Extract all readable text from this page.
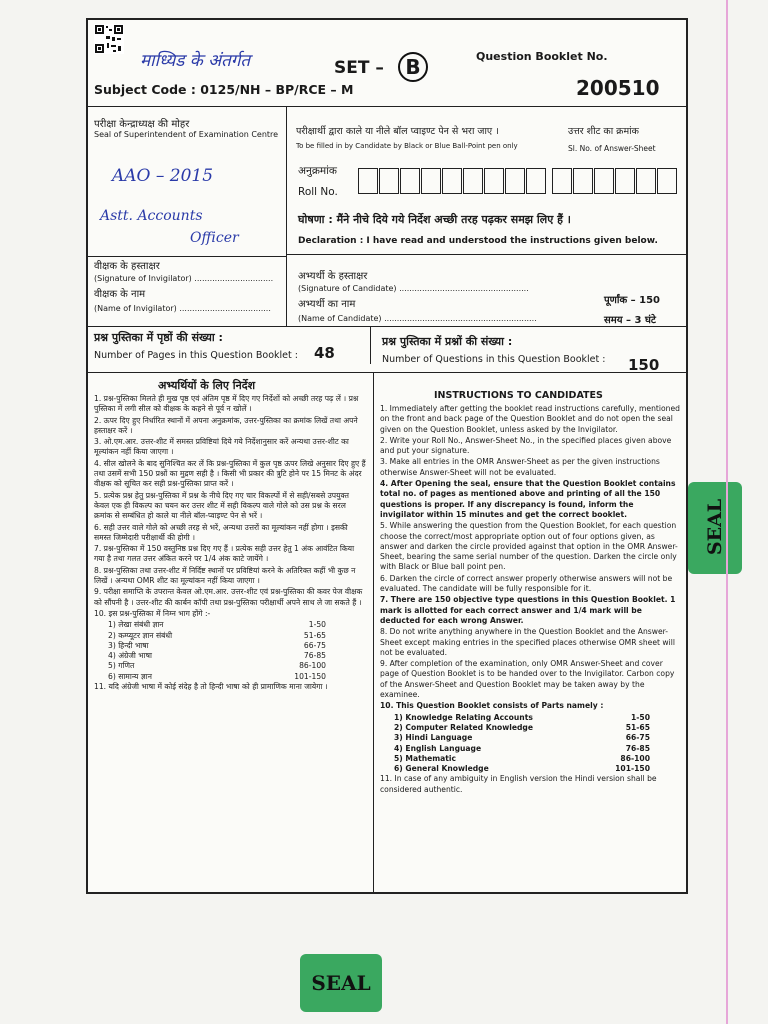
माध्यिड के अंतर्गत	SET –	B	Question Booklet No.
200510
Subject Code : 0125/NH – BP/RCE – M
परीक्षा केन्द्राध्यक्ष की मोहर
Seal of Superintendent of Examination Centre
AAO – 2015
Astt. Accounts
Officer
परीक्षार्थी द्वारा काले या नीले बॉल प्वाइण्ट पेन से भरा जाए ।
To be filled in by Candidate by Black or Blue Ball-Point pen only
उत्तर शीट का क्रमांक
Sl. No. of Answer-Sheet
अनुक्रमांक
Roll No.
घोषणा : मैंने नीचे दिये गये निर्देश अच्छी तरह पढ़कर समझ लिए हैं ।
Declaration : I have read and understood the instructions given below.
वीक्षक के हस्ताक्षर
(Signature of Invigilator) ...............................
वीक्षक के नाम
(Name of Invigilator) ....................................
अभ्यर्थी के हस्ताक्षर
(Signature of Candidate) ...................................................
अभ्यर्थी का नाम
(Name of Candidate) ............................................................
पूर्णांक – 150
समय – 3 घंटे
प्रश्न पुस्तिका में पृष्ठों की संख्या :
Number of Pages in this Question Booklet : 48
प्रश्न पुस्तिका में प्रश्नों की संख्या :
Number of Questions in this Question Booklet : 150
अभ्यर्थियों के लिए निर्देश

1. प्रश्न-पुस्तिका मिलते ही मुख पृष्ठ एवं अंतिम पृष्ठ में दिए गए निर्देशों को अच्छी तरह पढ़ लें । प्रश्न पुस्तिका में लगी सील को वीक्षक के कहने से पूर्व न खोलें ।

2. ऊपर दिए हुए निर्धारित स्थानों में अपना अनुक्रमांक, उत्तर-पुस्तिका का क्रमांक लिखें तथा अपने हस्ताक्षर करें ।

3. ओ.एम.आर. उत्तर-शीट में समस्त प्रविष्टियां दिये गये निर्देशानुसार करें अन्यथा उत्तर-शीट का मूल्यांकन नहीं किया जाएगा ।

4. सील खोलने के बाद सुनिश्चित कर लें कि प्रश्न-पुस्तिका में कुल पृष्ठ ऊपर लिखे अनुसार दिए हुए हैं तथा उसमें सभी 150 प्रश्नों का मुद्रण सही है । किसी भी प्रकार की त्रुटि होने पर 15 मिनट के अंदर वीक्षक को सूचित कर सही प्रश्न-पुस्तिका प्राप्त करें ।

5. प्रत्येक प्रश्न हेतु प्रश्न-पुस्तिका में प्रश्न के नीचे दिए गए चार विकल्पों में से सही/सबसे उपयुक्त केवल एक ही विकल्प का चयन कर उत्तर शीट में सही विकल्प वाले गोले को उस प्रश्न के सरल क्रमांक से सम्बंधित हो काले या नीले बॉल-प्वाइण्ट पेन से भरें ।

6. सही उत्तर वाले गोले को अच्छी तरह से भरें, अन्यथा उत्तरों का मूल्यांकन नहीं होगा । इसकी समस्त जिम्मेदारी परीक्षार्थी की होगी ।

7. प्रश्न-पुस्तिका में 150 वस्तुनिष्ठ प्रश्न दिए गए हैं । प्रत्येक सही उत्तर हेतु 1 अंक आवंटित किया गया है तथा गलत उत्तर अंकित करने पर 1/4 अंक काटे जायेंगे ।

8. प्रश्न-पुस्तिका तथा उत्तर-शीट में निर्दिष्ट स्थानों पर प्रविष्टियां करने के अतिरिक्त कहीं भी कुछ न लिखें । अन्यथा OMR शीट का मूल्यांकन नहीं किया जाएगा ।

9. परीक्षा समाप्ति के उपरान्त केवल ओ.एम.आर. उत्तर-शीट एवं प्रश्न-पुस्तिका की कवर पेज वीक्षक को सौंपनी है । उत्तर-शीट की कार्बन कॉपी तथा प्रश्न-पुस्तिका परीक्षार्थी अपने साथ ले जा सकते हैं ।

10. इस प्रश्न-पुस्तिका में निम्न भाग होंगे :-

1) लेखा संबंधी ज्ञान	1-50
2) कम्प्यूटर ज्ञान संबंधी	51-65
3) हिन्दी भाषा	66-75
4) अंग्रेजी भाषा	76-85
5) गणित	86-100
6) सामान्य ज्ञान	101-150

11. यदि अंग्रेजी भाषा में कोई संदेह है तो हिन्दी भाषा को ही प्रामाणिक माना जायेगा ।

INSTRUCTIONS TO CANDIDATES

1. Immediately after getting the booklet read instructions carefully, mentioned on the front and back page of the Question Booklet and do not open the seal given on the Question Booklet, unless asked by the Invigilator.

2. Write your Roll No., Answer-Sheet No., in the specified places given above and put your signature.

3. Make all entries in the OMR Answer-Sheet as per the given instructions otherwise Answer-Sheet will not be evaluated.

4. After Opening the seal, ensure that the Question Booklet contains total no. of pages as mentioned above and printing of all the 150 questions is proper. If any discrepancy is found, inform the invigilator within 15 minutes and get the correct booklet.

5. While answering the question from the Question Booklet, for each question choose the correct/most appropriate option out of four options given, as answer and darken the circle provided against that option in the OMR Answer-Sheet, bearing the same serial number of the question. Darken the circle only with Black or Blue ball point pen.

6. Darken the circle of correct answer properly otherwise answers will not be evaluated. The candidate will be fully responsible for it.

7. There are 150 objective type questions in this Question Booklet. 1 mark is allotted for each correct answer and 1/4 mark will be deducted for each wrong Answer.

8. Do not write anything anywhere in the Question Booklet and the Answer-Sheet except making entries in the specified places otherwise OMR sheet will not be evaluated.

9. After completion of the examination, only OMR Answer-Sheet and cover page of Question Booklet is to be handed over to the Invigilator. Carbon copy of the Answer-Sheet and Question Booklet may be taken away by the examinee.

10. This Question Booklet consists of Parts namely :

1) Knowledge Relating Accounts	1-50
2) Computer Related Knowledge	51-65
3) Hindi Language	66-75
4) English Language	76-85
5) Mathematic	86-100
6) General Knowledge	101-150

11. In case of any ambiguity in English version the Hindi version shall be considered authentic.

SEAL
SEAL
